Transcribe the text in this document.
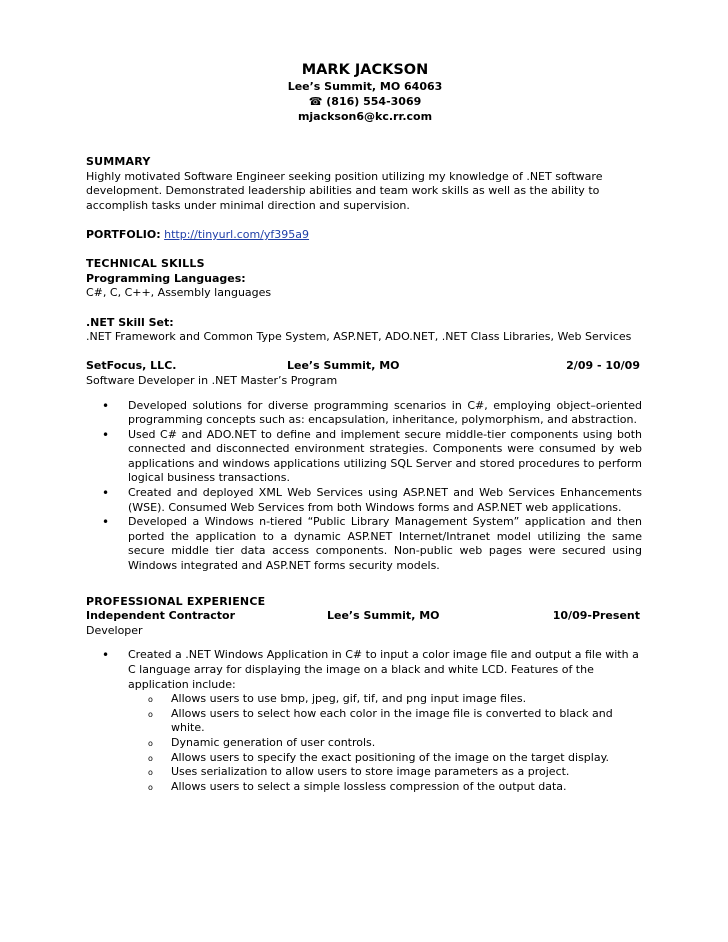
MARK JACKSON
Lee’s Summit, MO 64063
☎ (816) 554-3069
mjackson6@kc.rr.com
SUMMARY
Highly motivated Software Engineer seeking position utilizing my knowledge of .NET software development. Demonstrated leadership abilities and team work skills as well as the ability to accomplish tasks under minimal direction and supervision.
PORTFOLIO: http://tinyurl.com/yf395a9
TECHNICAL SKILLS
Programming Languages:
C#, C, C++, Assembly languages
.NET Skill Set:
.NET Framework and Common Type System, ASP.NET, ADO.NET, .NET Class Libraries, Web Services
SetFocus, LLC.	Lee’s Summit, MO	2/09 - 10/09
Software Developer in .NET Master’s Program
• Developed solutions for diverse programming scenarios in C#, employing object–oriented programming concepts such as: encapsulation, inheritance, polymorphism, and abstraction.
• Used C# and ADO.NET to define and implement secure middle-tier components using both connected and disconnected environment strategies. Components were consumed by web applications and windows applications utilizing SQL Server and stored procedures to perform logical business transactions.
• Created and deployed XML Web Services using ASP.NET and Web Services Enhancements (WSE). Consumed Web Services from both Windows forms and ASP.NET web applications.
• Developed a Windows n-tiered “Public Library Management System” application and then ported the application to a dynamic ASP.NET Internet/Intranet model utilizing the same secure middle tier data access components. Non-public web pages were secured using Windows integrated and ASP.NET forms security models.
PROFESSIONAL EXPERIENCE
Independent Contractor	Lee’s Summit, MO	10/09-Present
Developer
• Created a .NET Windows Application in C# to input a color image file and output a file with a C language array for displaying the image on a black and white LCD. Features of the application include:
o Allows users to use bmp, jpeg, gif, tif, and png input image files.
o Allows users to select how each color in the image file is converted to black and white.
o Dynamic generation of user controls.
o Allows users to specify the exact positioning of the image on the target display.
o Uses serialization to allow users to store image parameters as a project.
o Allows users to select a simple lossless compression of the output data.
